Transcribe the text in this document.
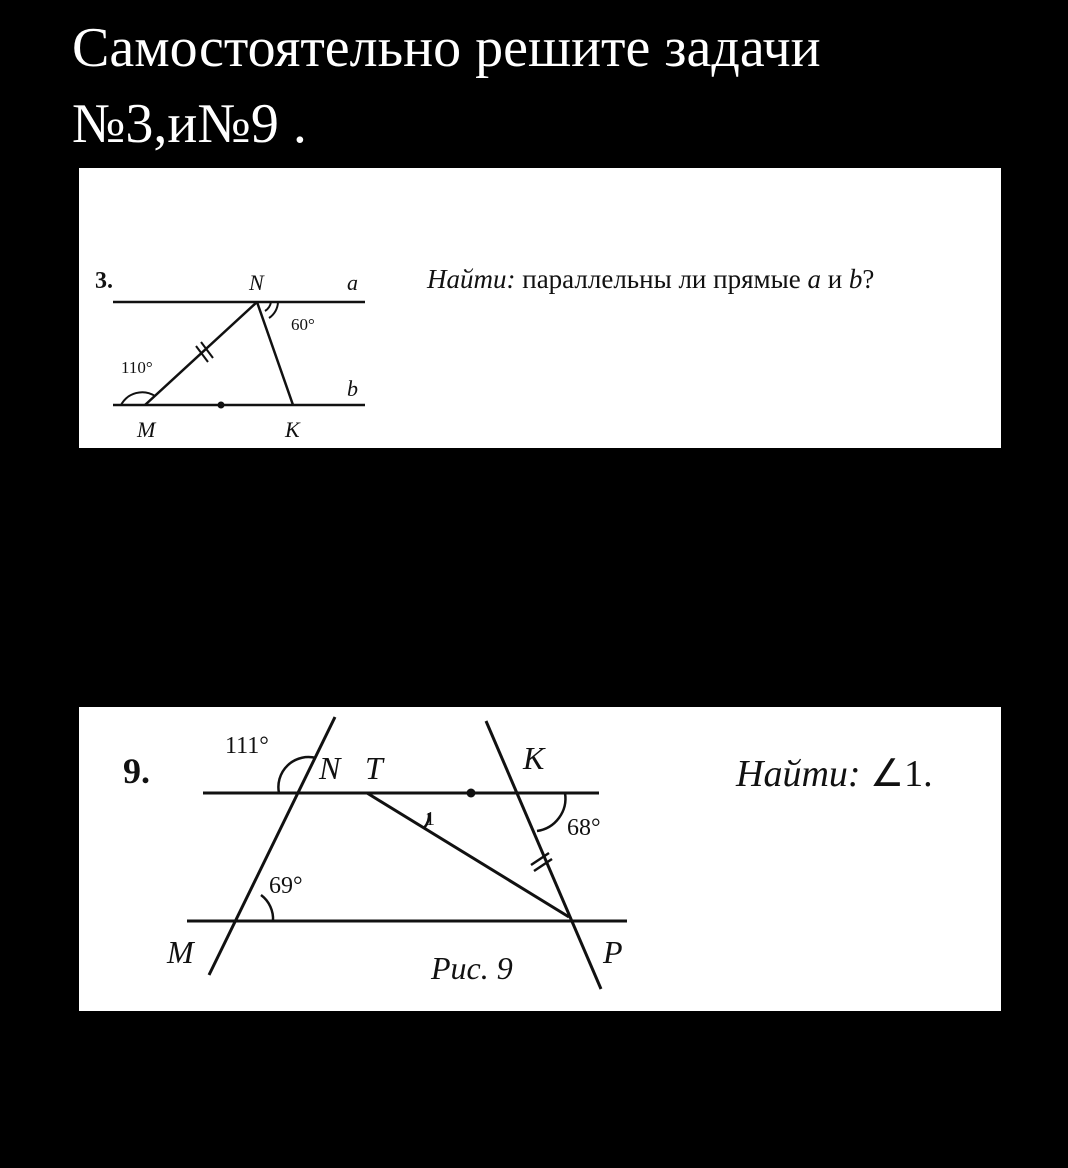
Самостоятельно решите задачи
№3,и№9 .
3.	N	a
b
M	K
60°
110°
Найти: параллельны ли прямые a и b?
9.
111°
N T	K
68°
69°
1
M	P
Рис. 9
Найти: ∠1.
